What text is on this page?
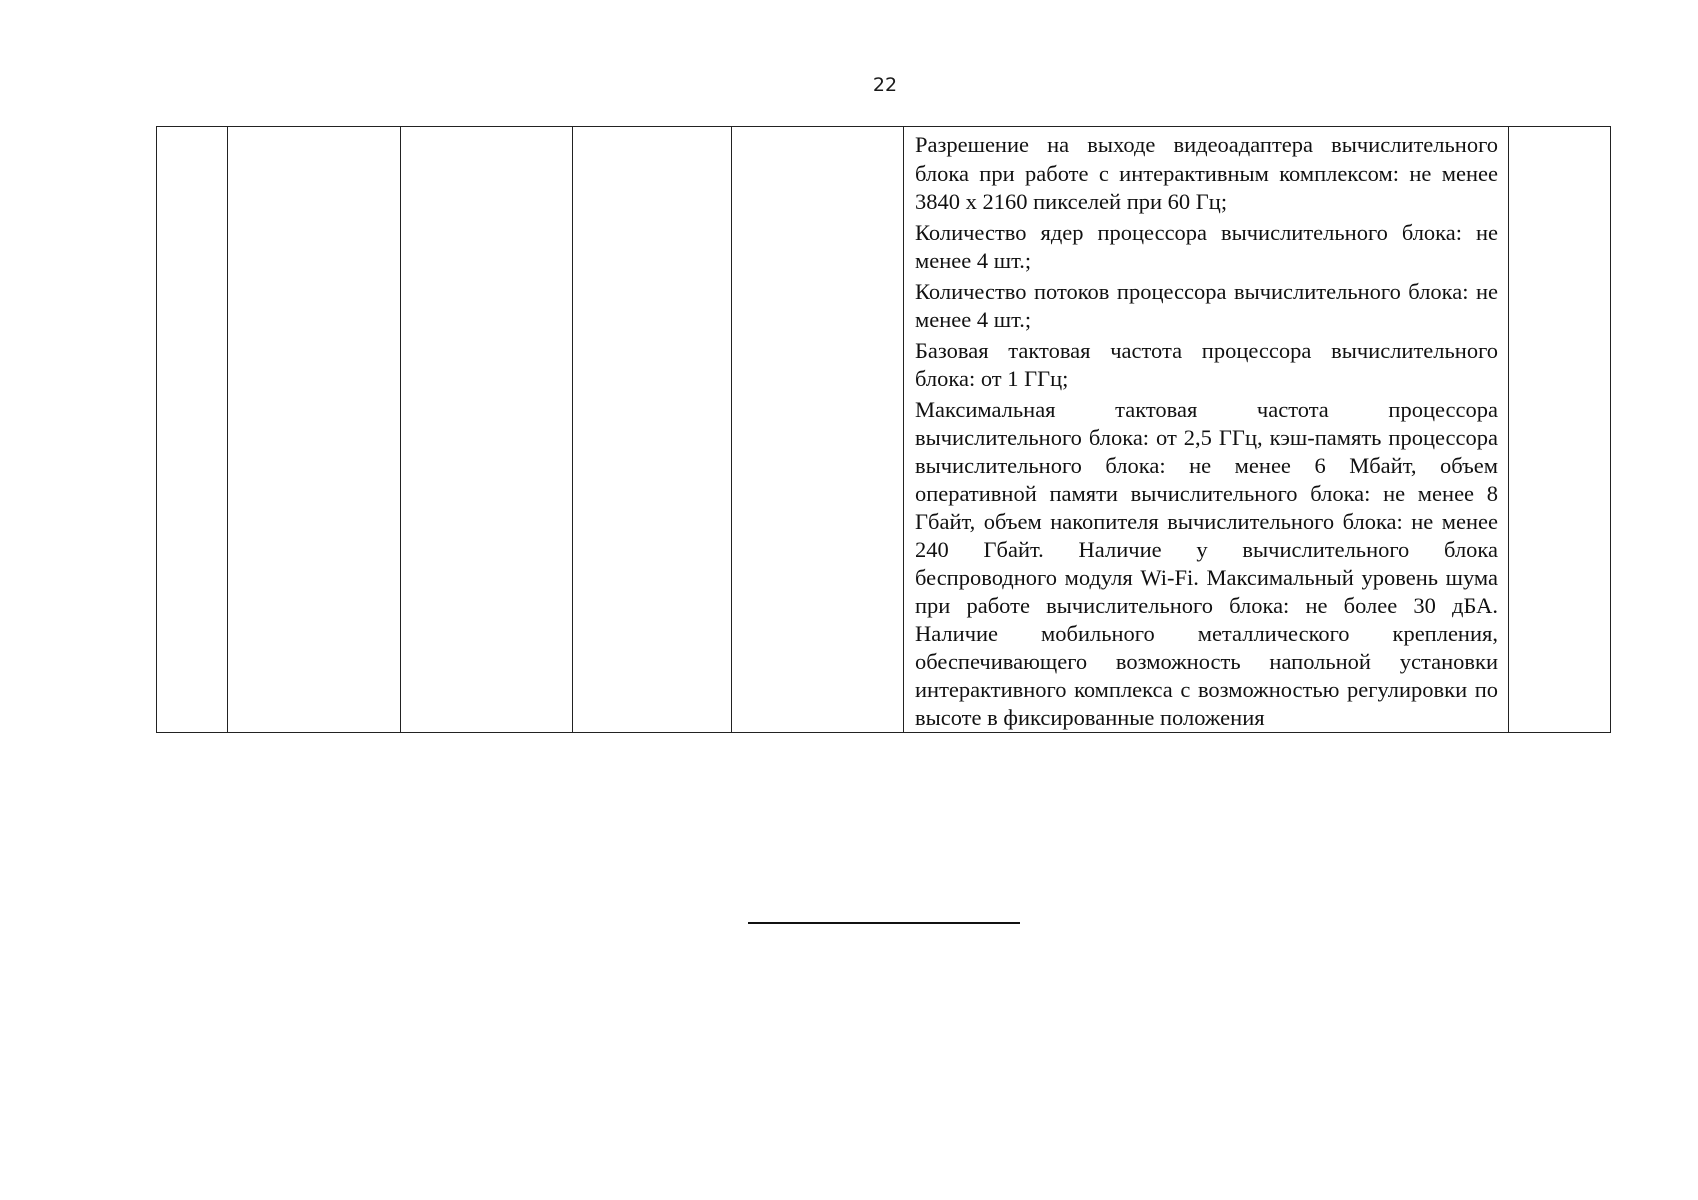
22

Разрешение на выходе видеоадаптера вычислительного блока при работе с интерактивным комплексом: не менее 3840 х 2160 пикселей при 60 Гц;

Количество ядер процессора вычислительного блока: не менее 4 шт.;

Количество потоков процессора вычислительного блока: не менее 4 шт.;

Базовая тактовая частота процессора вычислительного блока: от 1 ГГц;

Максимальная тактовая частота процессора вычислительного блока: от 2,5 ГГц, кэш-память процессора вычислительного блока: не менее 6 Мбайт, объем оперативной памяти вычислительного блока: не менее 8 Гбайт, объем накопителя вычислительного блока: не менее 240 Гбайт. Наличие у вычислительного блока беспроводного модуля Wi-Fi. Максимальный уровень шума при работе вычислительного блока: не более 30 дБА. Наличие мобильного металлического крепления, обеспечивающего возможность напольной установки интерактивного комплекса с возможностью регулировки по высоте в фиксированные положения
